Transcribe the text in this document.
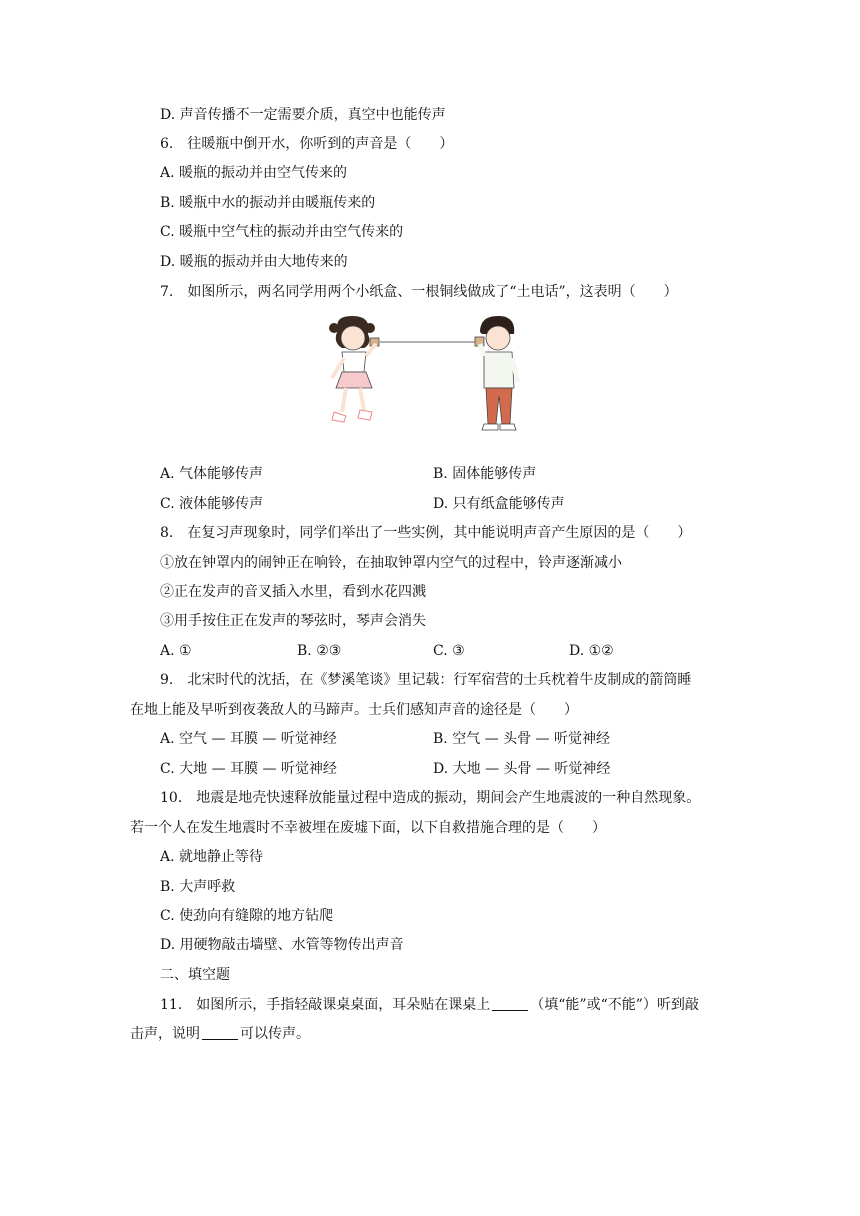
D. 声音传播不一定需要介质，真空中也能传声
6.　往暖瓶中倒开水，你听到的声音是（　　）
A. 暖瓶的振动并由空气传来的
B. 暖瓶中水的振动并由暖瓶传来的
C. 暖瓶中空气柱的振动并由空气传来的
D. 暖瓶的振动并由大地传来的
7.　如图所示，两名同学用两个小纸盒、一根铜线做成了“土电话”，这表明（　　）
A. 气体能够传声	B. 固体能够传声
C. 液体能够传声	D. 只有纸盒能够传声
8.　在复习声现象时，同学们举出了一些实例，其中能说明声音产生原因的是（　　）
①放在钟罩内的闹钟正在响铃，在抽取钟罩内空气的过程中，铃声逐渐减小
②正在发声的音叉插入水里，看到水花四溅
③用手按住正在发声的琴弦时，琴声会消失
A. ①	B. ②③	C. ③	D. ①②
9.　北宋时代的沈括，在《梦溪笔谈》里记载：行军宿营的士兵枕着牛皮制成的箭筒睡
在地上能及早听到夜袭敌人的马蹄声。士兵们感知声音的途径是（　　）
A. 空气 — 耳膜 — 听觉神经	B. 空气 — 头骨 — 听觉神经
C. 大地 — 耳膜 — 听觉神经	D. 大地 — 头骨 — 听觉神经
10.　地震是地壳快速释放能量过程中造成的振动，期间会产生地震波的一种自然现象。
若一个人在发生地震时不幸被埋在废墟下面，以下自救措施合理的是（　　）
A. 就地静止等待
B. 大声呼救
C. 使劲向有缝隙的地方钻爬
D. 用硬物敲击墙壁、水管等物传出声音
二、填空题
11.　如图所示，手指轻敲课桌桌面，耳朵贴在课桌上	（填“能”或“不能”）听到敲
击声，说明	可以传声。
